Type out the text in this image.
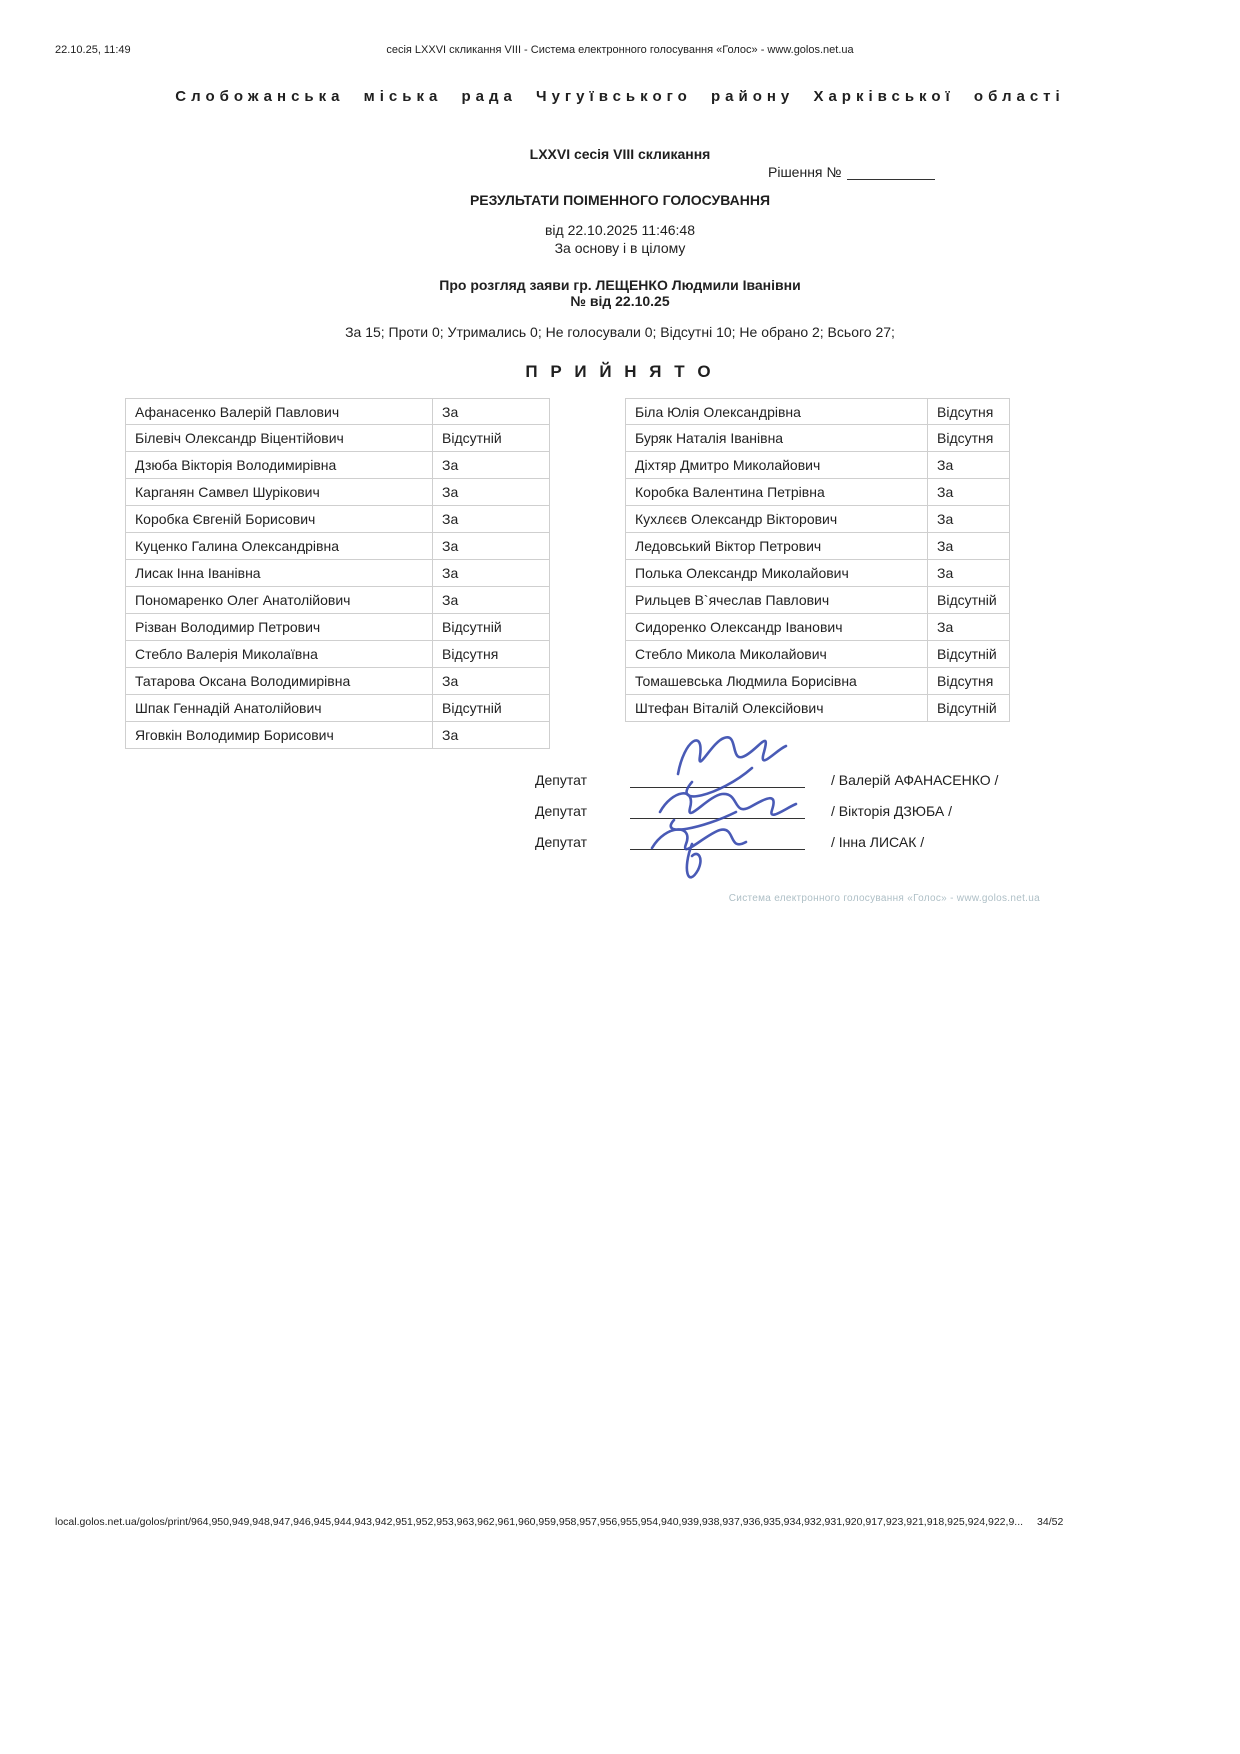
22.10.25, 11:49	сесія LXXVI скликання VIII - Система електронного голосування «Голос» - www.golos.net.ua
Слобожанська міська рада Чугуївського району Харківської області
LXXVI сесія VIII скликання
Рішення №
РЕЗУЛЬТАТИ ПОІМЕННОГО ГОЛОСУВАННЯ
від 22.10.2025 11:46:48
За основу і в цілому
Про розгляд заяви гр. ЛЕЩЕНКО Людмили Іванівни
№ від 22.10.25
За 15; Проти 0; Утримались 0; Не голосували 0; Відсутні 10; Не обрано 2; Всього 27;
П Р И Й Н Я Т О
Афанасенко Валерій Павлович	За
Білевіч Олександр Віцентійович	Відсутній
Дзюба Вікторія Володимирівна	За
Карганян Самвел Шурікович	За
Коробка Євгеній Борисович	За
Куценко Галина Олександрівна	За
Лисак Інна Іванівна	За
Пономаренко Олег Анатолійович	За
Різван Володимир Петрович	Відсутній
Стебло Валерія Миколаївна	Відсутня
Татарова Оксана Володимирівна	За
Шпак Геннадій Анатолійович	Відсутній
Яговкін Володимир Борисович	За
Біла Юлія Олександрівна	Відсутня
Буряк Наталія Іванівна	Відсутня
Діхтяр Дмитро Миколайович	За
Коробка Валентина Петрівна	За
Кухлєєв Олександр Вікторович	За
Ледовський Віктор Петрович	За
Полька Олександр Миколайович	За
Рильцев В`ячеслав Павлович	Відсутній
Сидоренко Олександр Іванович	За
Стебло Микола Миколайович	Відсутній
Томашевська Людмила Борисівна	Відсутня
Штефан Віталій Олексійович	Відсутній
Депутат	/ Валерій АФАНАСЕНКО /
Депутат	/ Вікторія ДЗЮБА /
Депутат	/ Інна ЛИСАК /
Система електронного голосування «Голос» - www.golos.net.ua
local.golos.net.ua/golos/print/964,950,949,948,947,946,945,944,943,942,951,952,953,963,962,961,960,959,958,957,956,955,954,940,939,938,937,936,935,934,932,931,920,917,923,921,918,925,924,922,9... 34/52
